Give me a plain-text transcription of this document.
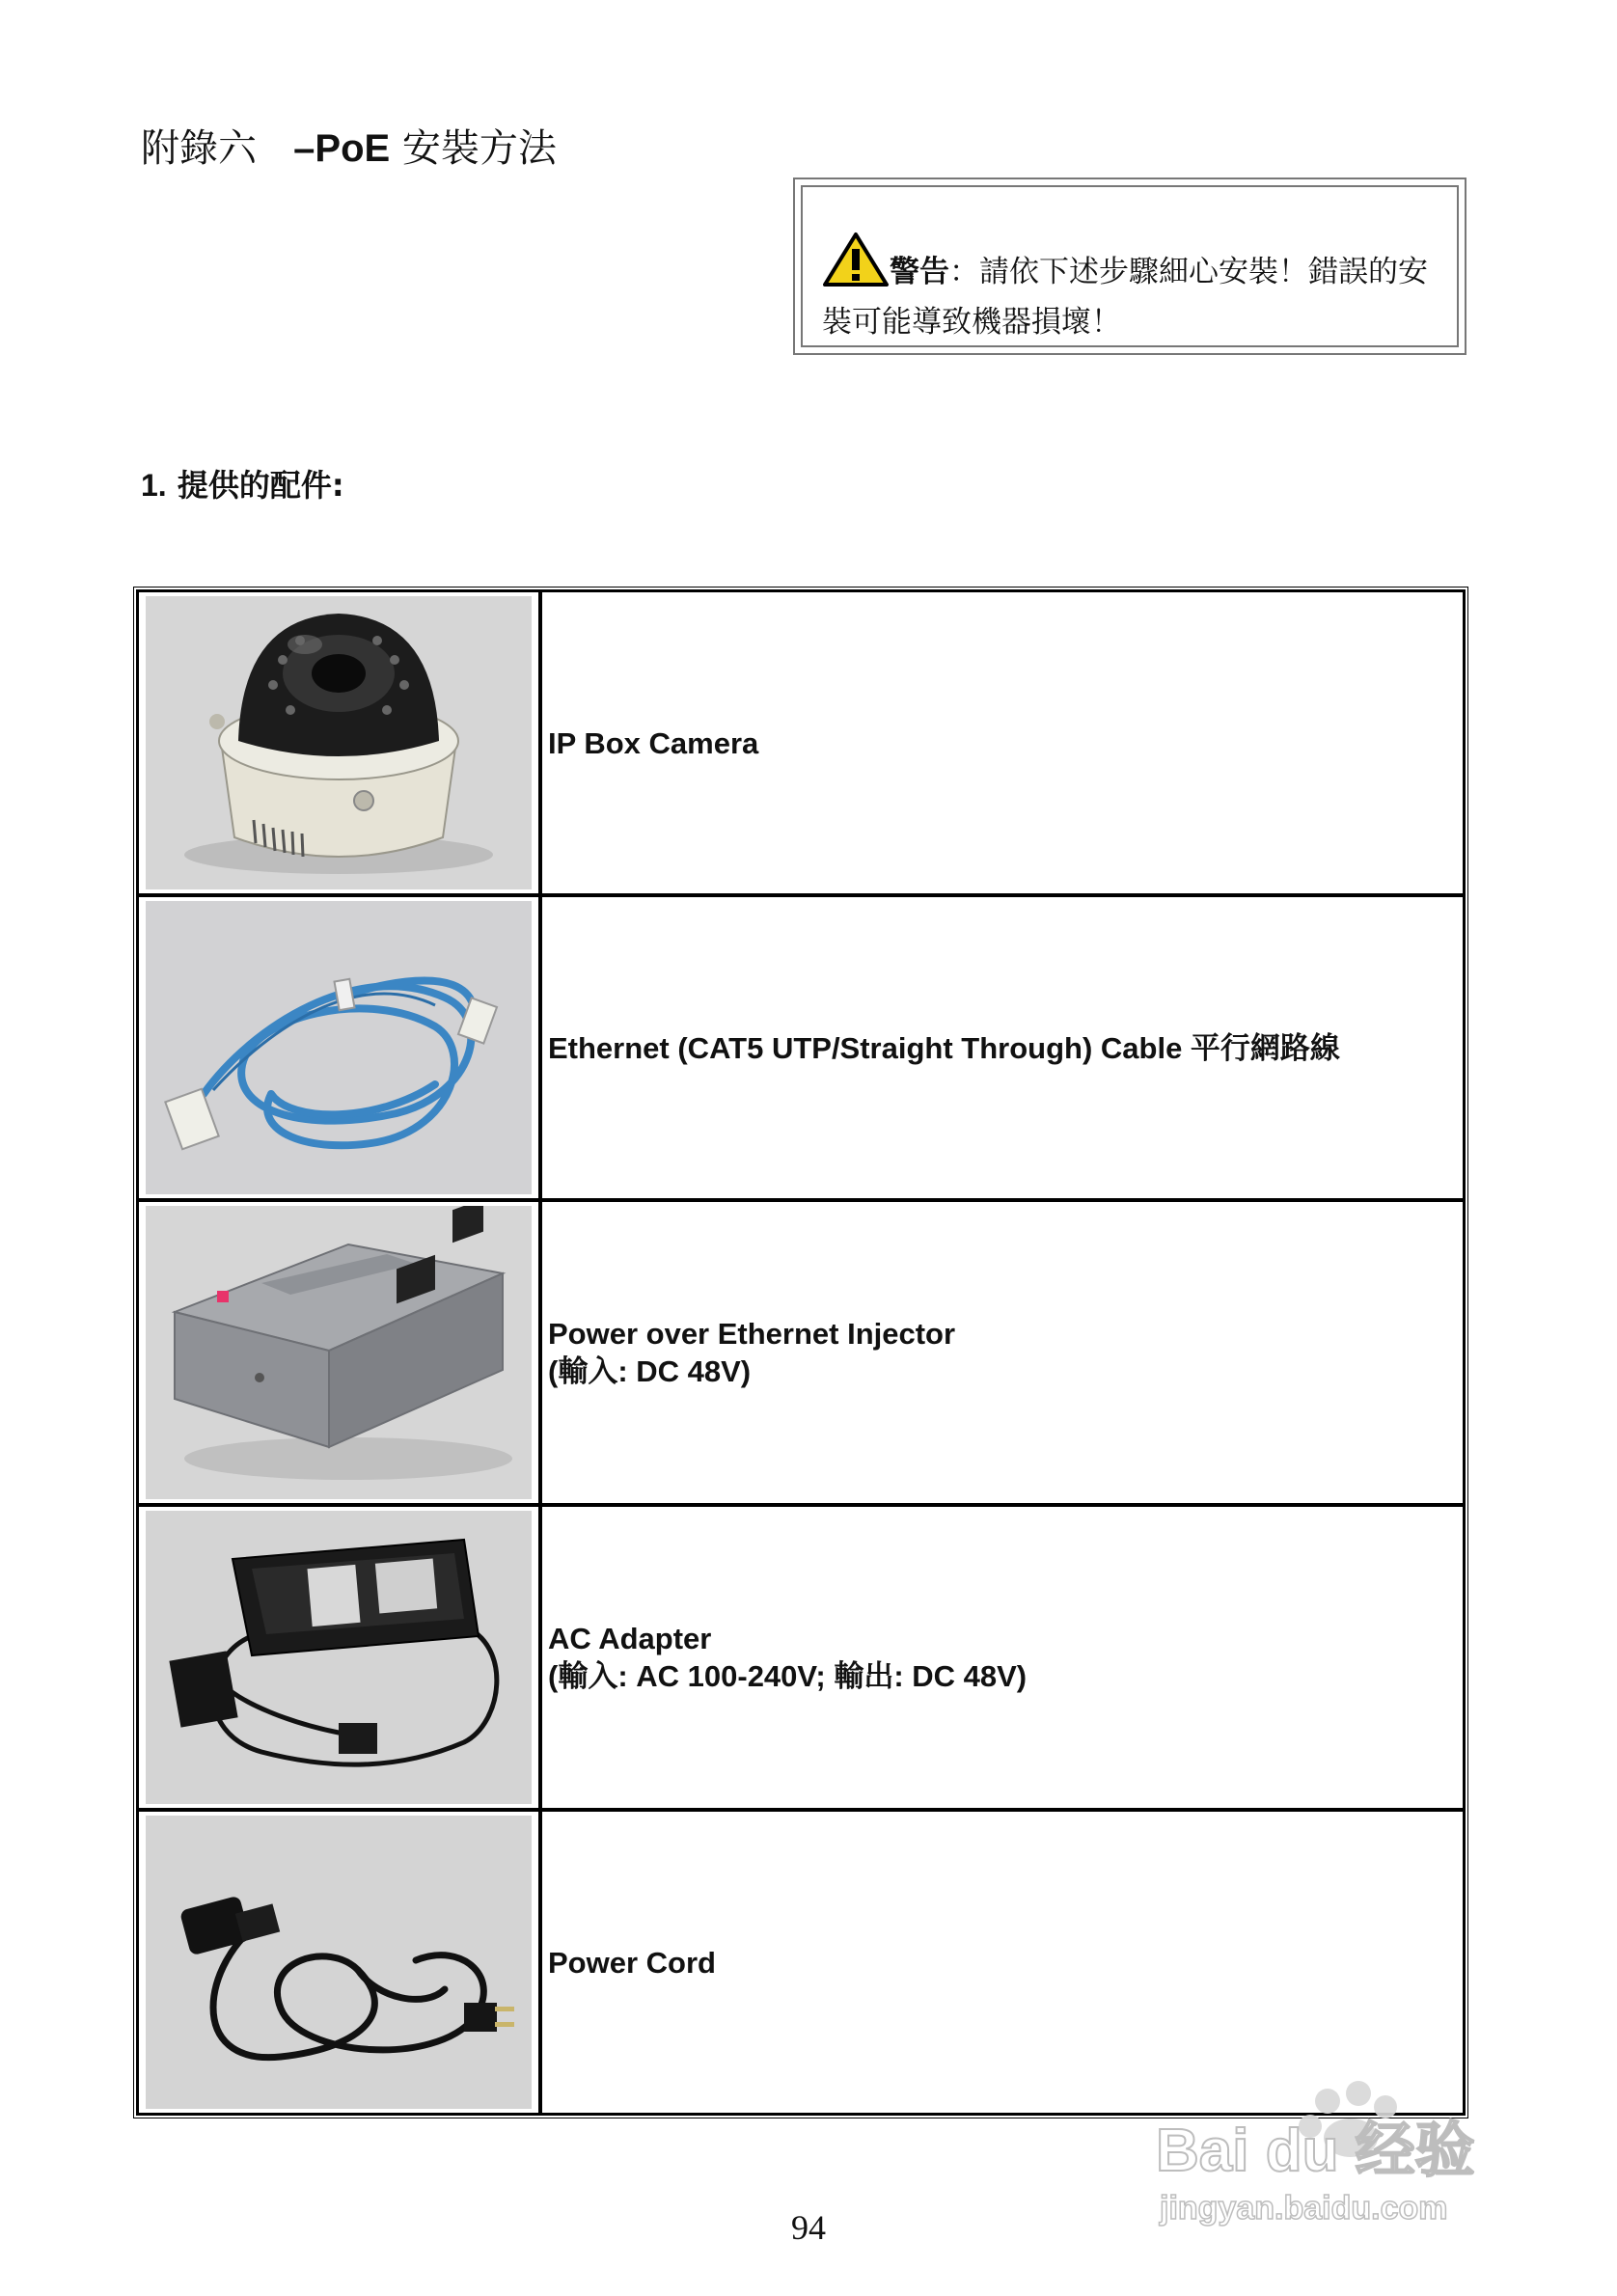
附錄六 –PoE 安裝方法
警告：請依下述步驟細心安裝！錯誤的安裝可能導致機器損壞！
1. 提供的配件:

IP Box Camera

Ethernet (CAT5 UTP/Straight Through) Cable 平行網路線

Power over Ethernet Injector
(輸入: DC 48V)

AC Adapter
(輸入: AC 100-240V; 輸出: DC 48V)

Power Cord
94
Bai du 经验
jingyan.baidu.com
